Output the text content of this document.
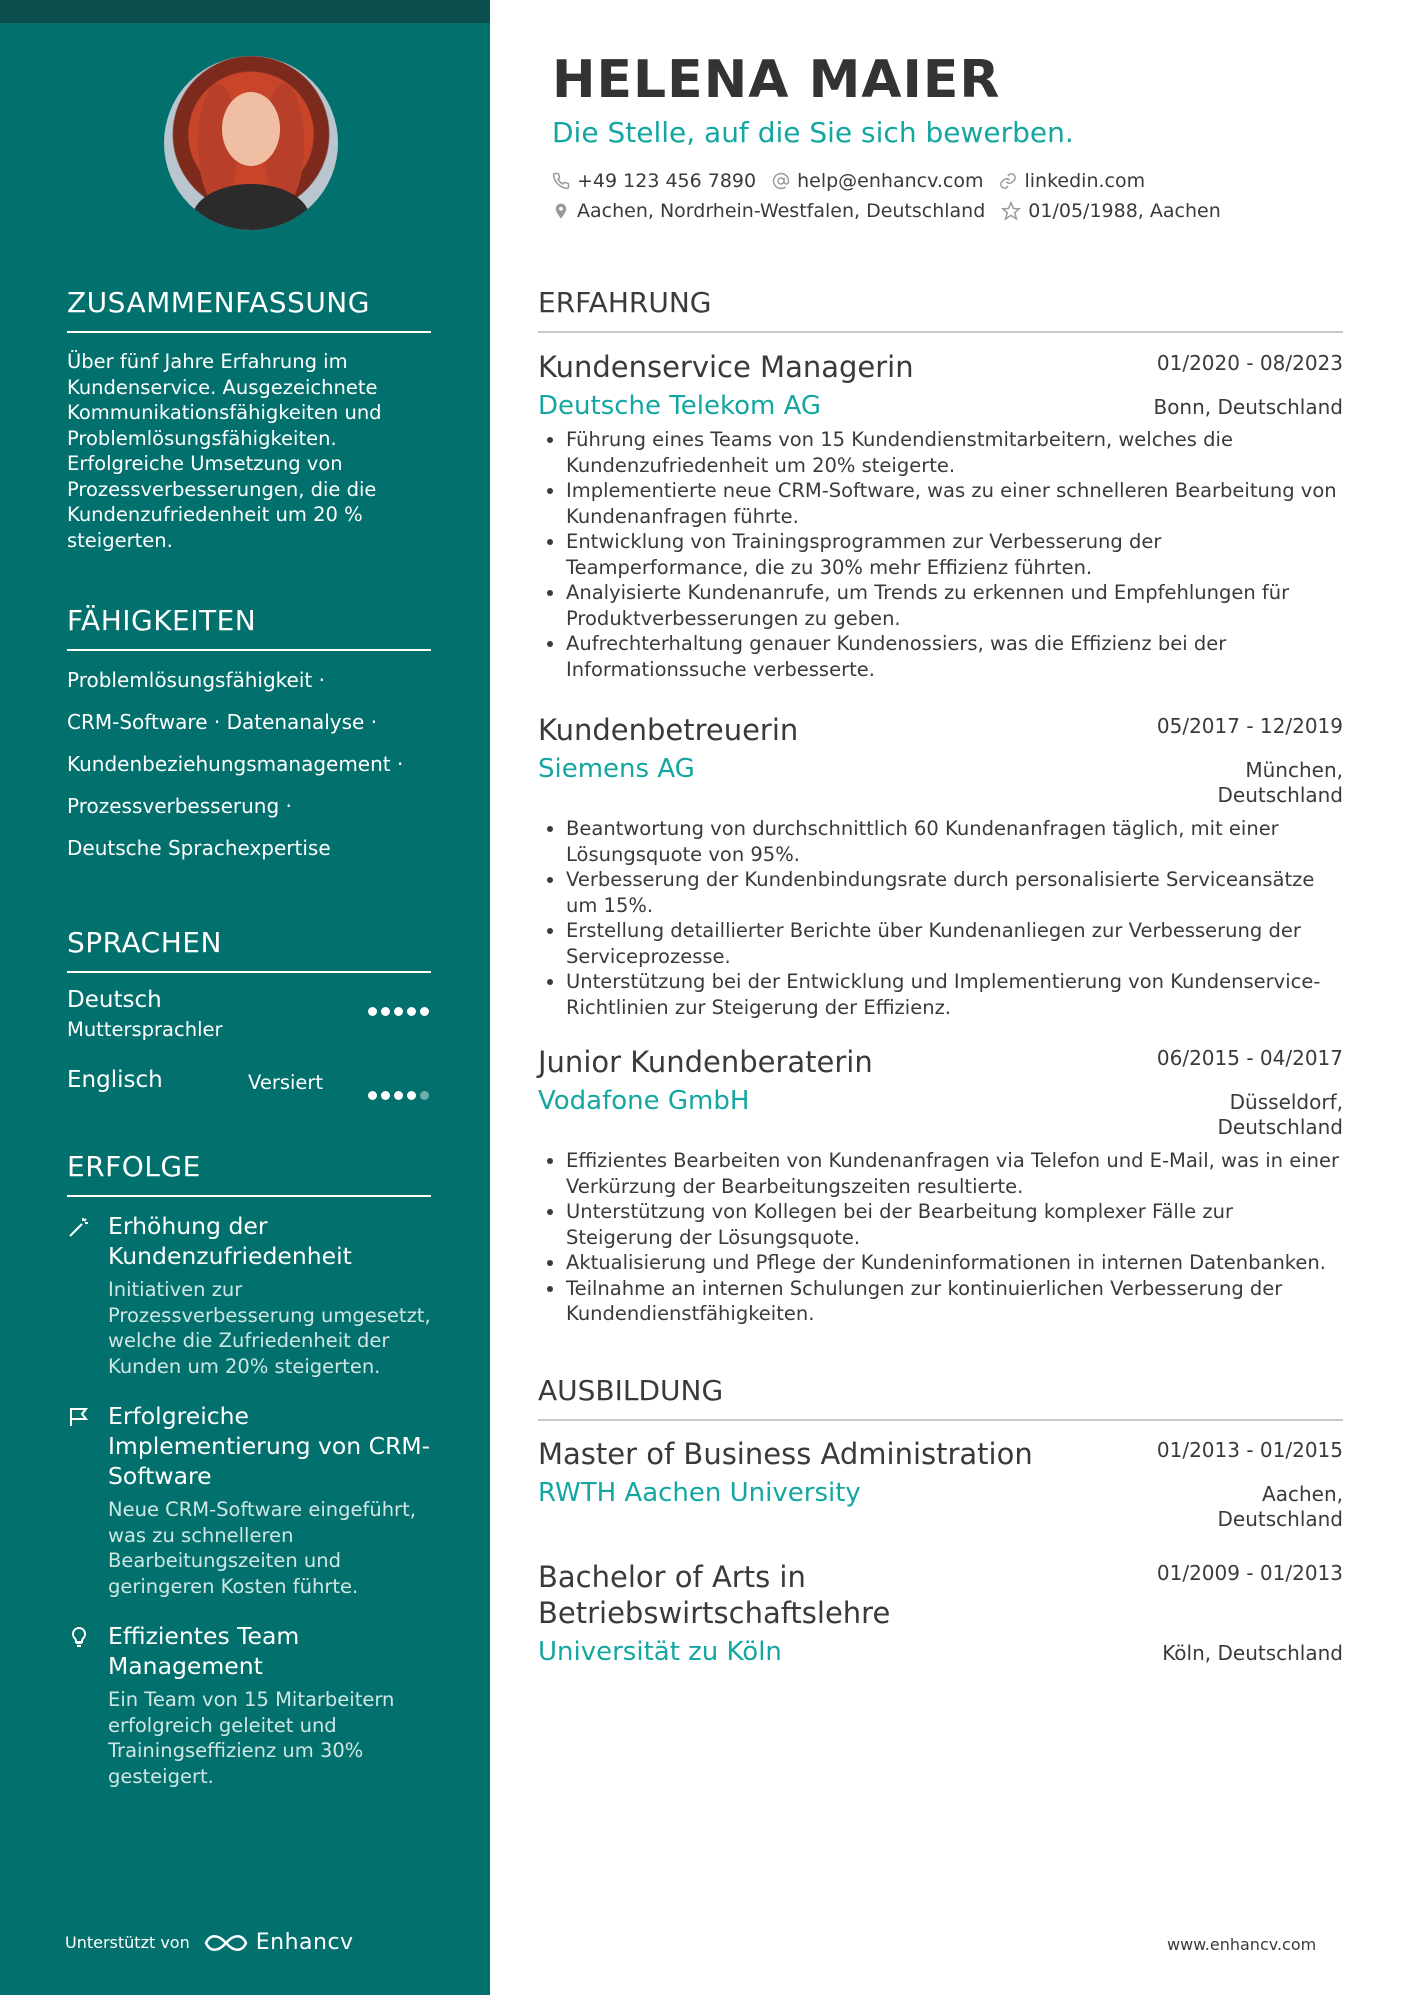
ZUSAMMENFASSUNG
Über fünf Jahre Erfahrung im Kundenservice. Ausgezeichnete Kommunikationsfähigkeiten und Problemlösungsfähigkeiten. Erfolgreiche Umsetzung von Prozessverbesserungen, die die Kundenzufriedenheit um 20 % steigerten.
FÄHIGKEITEN
Problemlösungsfähigkeit ·
CRM-Software · Datenanalyse ·
Kundenbeziehungsmanagement ·
Prozessverbesserung ·
Deutsche Sprachexpertise
SPRACHEN
Deutsch
Muttersprachler
Englisch	Versiert
ERFOLGE
Erhöhung der Kundenzufriedenheit
Initiativen zur Prozessverbesserung umgesetzt, welche die Zufriedenheit der Kunden um 20% steigerten.
Erfolgreiche Implementierung von CRM-Software
Neue CRM-Software eingeführt, was zu schnelleren Bearbeitungszeiten und geringeren Kosten führte.
Effizientes Team Management
Ein Team von 15 Mitarbeitern erfolgreich geleitet und Trainingseffizienz um 30% gesteigert.
Unterstützt von	Enhancv
HELENA MAIER
Die Stelle, auf die Sie sich bewerben.
+49 123 456 7890 help@enhancv.com linkedin.com
Aachen, Nordrhein-Westfalen, Deutschland 01/05/1988, Aachen
ERFAHRUNG
Kundenservice Managerin	01/2020 - 08/2023
Deutsche Telekom AG	Bonn, Deutschland
• Führung eines Teams von 15 Kundendienstmitarbeitern, welches die Kundenzufriedenheit um 20% steigerte.
• Implementierte neue CRM-Software, was zu einer schnelleren Bearbeitung von Kundenanfragen führte.
• Entwicklung von Trainingsprogrammen zur Verbesserung der Teamperformance, die zu 30% mehr Effizienz führten.
• Analyisierte Kundenanrufe, um Trends zu erkennen und Empfehlungen für Produktverbesserungen zu geben.
• Aufrechterhaltung genauer Kundenossiers, was die Effizienz bei der Informationssuche verbesserte.
Kundenbetreuerin	05/2017 - 12/2019
Siemens AG	München, Deutschland
• Beantwortung von durchschnittlich 60 Kundenanfragen täglich, mit einer Lösungsquote von 95%.
• Verbesserung der Kundenbindungsrate durch personalisierte Serviceansätze um 15%.
• Erstellung detaillierter Berichte über Kundenanliegen zur Verbesserung der Serviceprozesse.
• Unterstützung bei der Entwicklung und Implementierung von Kundenservice-Richtlinien zur Steigerung der Effizienz.
Junior Kundenberaterin	06/2015 - 04/2017
Vodafone GmbH	Düsseldorf, Deutschland
• Effizientes Bearbeiten von Kundenanfragen via Telefon und E-Mail, was in einer Verkürzung der Bearbeitungszeiten resultierte.
• Unterstützung von Kollegen bei der Bearbeitung komplexer Fälle zur Steigerung der Lösungsquote.
• Aktualisierung und Pflege der Kundeninformationen in internen Datenbanken.
• Teilnahme an internen Schulungen zur kontinuierlichen Verbesserung der Kundendienstfähigkeiten.
AUSBILDUNG
Master of Business Administration	01/2013 - 01/2015
RWTH Aachen University	Aachen, Deutschland
Bachelor of Arts in Betriebswirtschaftslehre
01/2009 - 01/2013
Universität zu Köln	Köln, Deutschland
www.enhancv.com
